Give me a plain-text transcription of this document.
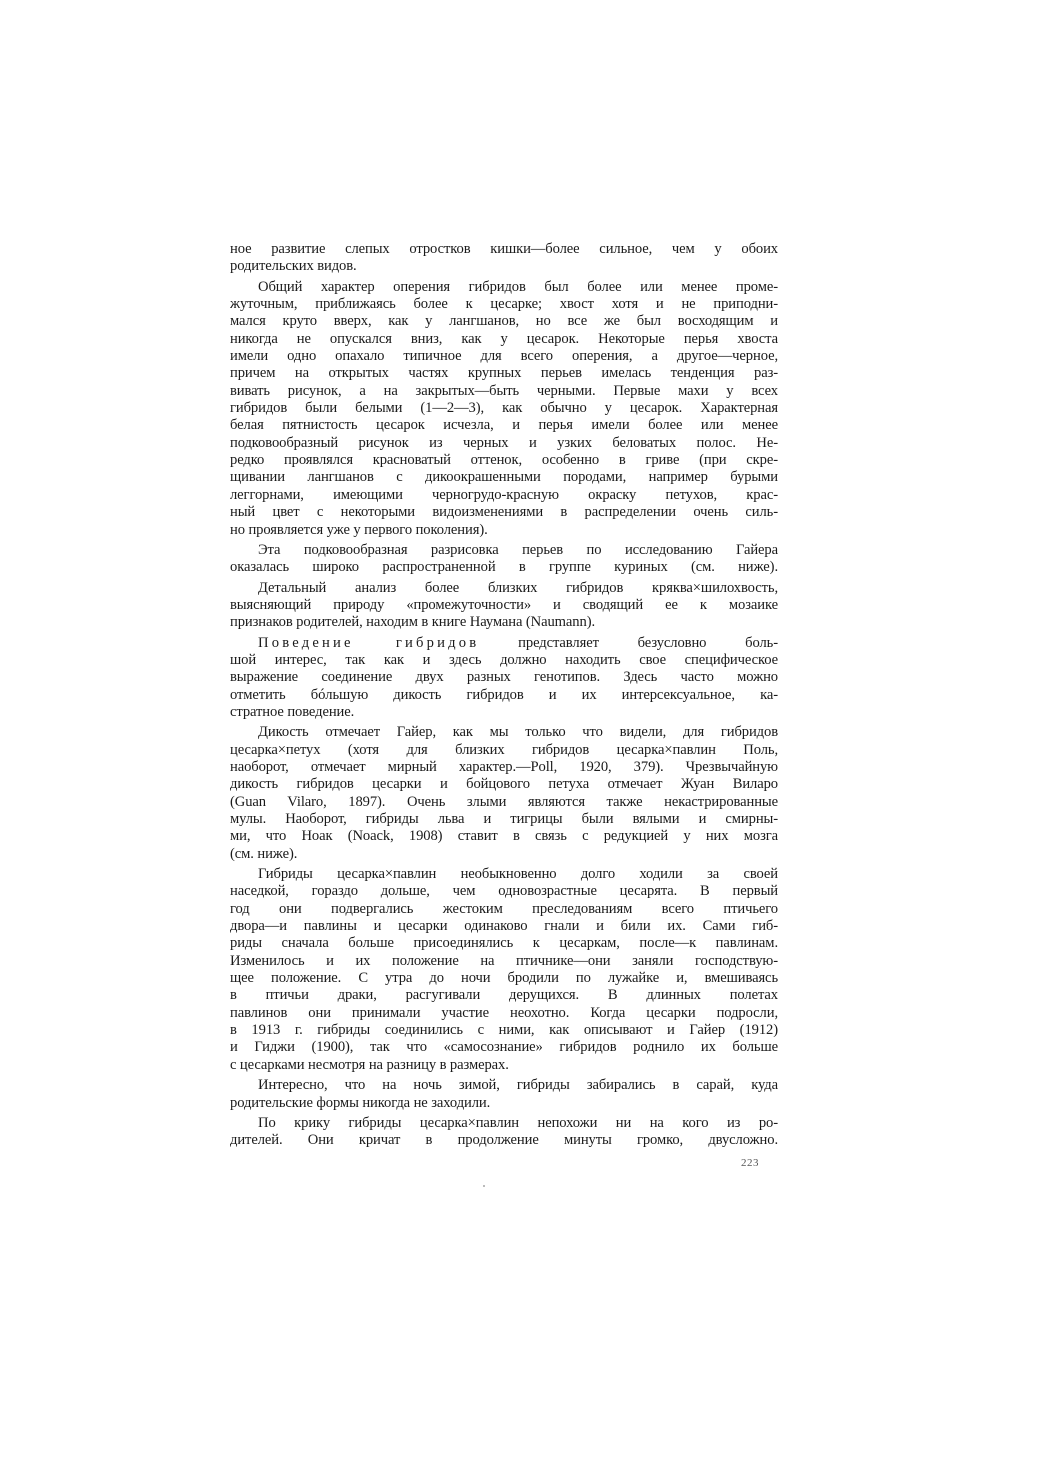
ное развитие слепых отростков кишки—более сильное, чем у обоих
родительских видов.
Общий характер оперения гибридов был более или менее проме-
жуточным, приближаясь более к цесарке; хвост хотя и не приподни-
мался круто вверх, как у лангшанов, но все же был восходящим и
никогда не опускался вниз, как у цесарок. Некоторые перья хвоста
имели одно опахало типичное для всего оперения, а другое—черное,
причем на открытых частях крупных перьев имелась тенденция раз-
вивать рисунок, а на закрытых—быть черными. Первые махи у всех
гибридов были белыми (1—2—3), как обычно у цесарок. Характерная
белая пятнистость цесарок исчезла, и перья имели более или менее
подковообразный рисунок из черных и узких беловатых полос. Не-
редко проявлялся красноватый оттенок, особенно в гриве (при скре-
щивании лангшанов с дикоокрашенными породами, например бурыми
леггорнами, имеющими черногрудо-красную окраску петухов, крас-
ный цвет с некоторыми видоизменениями в распределении очень силь-
но проявляется уже у первого поколения).
Эта подковообразная разрисовка перьев по исследованию Гайера
оказалась широко распространенной в группе куриных (см. ниже).
Детальный анализ более близких гибридов кряква×шилохвость,
выясняющий природу «промежуточности» и сводящий ее к мозаике
признаков родителей, находим в книге Наумана (Naumann).
Поведение гибридов представляет безусловно боль-
шой интерес, так как и здесь должно находить свое специфическое
выражение соединение двух разных генотипов. Здесь часто можно
отметить бóльшую дикость гибридов и их интерсексуальное, ка-
стратное поведение.
Дикость отмечает Гайер, как мы только что видели, для гибридов
цесарка×петух (хотя для близких гибридов цесарка×павлин Поль,
наоборот, отмечает мирный характер.—Poll, 1920, 379). Чрезвычайную
дикость гибридов цесарки и бойцового петуха отмечает Жуан Виларо
(Guan Vilaro, 1897). Очень злыми являются также некастрированные
мулы. Наоборот, гибриды льва и тигрицы были вялыми и смирны-
ми, что Ноак (Noack, 1908) ставит в связь с редукцией у них мозга
(см. ниже).
Гибриды цесарка×павлин необыкновенно долго ходили за своей
наседкой, гораздо дольше, чем одновозрастные цесарята. В первый
год они подвергались жестоким преследованиям всего птичьего
двора—и павлины и цесарки одинаково гнали и били их. Сами гиб-
риды сначала больше присоединялись к цесаркам, после—к павлинам.
Изменилось и их положение на птичнике—они заняли господствую-
щее положение. С утра до ночи бродили по лужайке и, вмешиваясь
в птичьи драки, расгугивали дерущихся. В длинных полетах
павлинов они принимали участие неохотно. Когда цесарки подросли,
в 1913 г. гибриды соединились с ними, как описывают и Гайер (1912)
и Гиджи (1900), так что «самосознание» гибридов роднило их больше
с цесарками несмотря на разницу в размерах.
Интересно, что на ночь зимой, гибриды забирались в сарай, куда
родительские формы никогда не заходили.
По крику гибриды цесарка×павлин непохожи ни на кого из ро-
дителей. Они кричат в продолжение минуты громко, двусложно.
223
